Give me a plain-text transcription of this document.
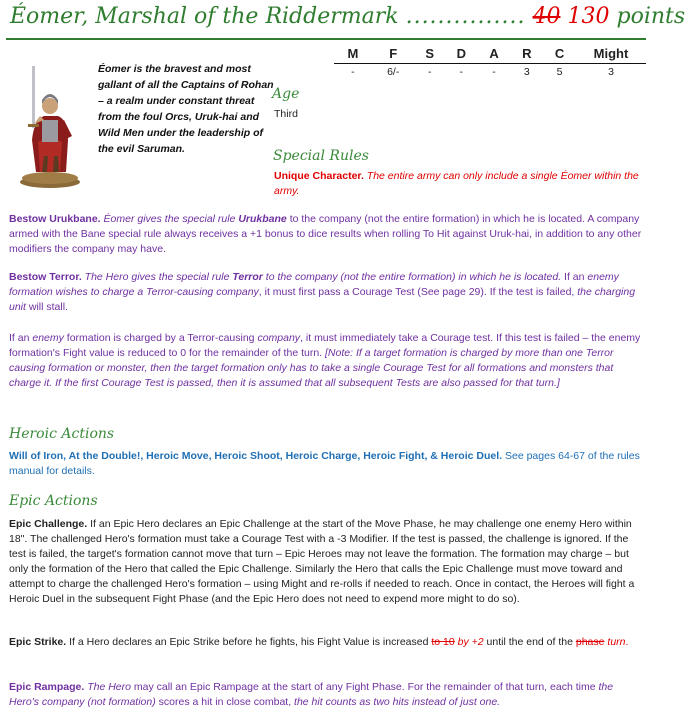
Éomer, Marshal of the Riddermark ............... 40 130 points
Éomer is the bravest and most gallant of all the Captains of Rohan – a realm under constant threat from the foul Orcs, Uruk-hai and Wild Men under the leadership of the evil Saruman.
M	F	S	D	A	R	C	Might
-	6/-	-	-	-	3	5	3
Age
Third
Special Rules
Unique Character. The entire army can only include a single Éomer within the army.
Bestow Urukbane. Éomer gives the special rule Urukbane to the company (not the entire formation) in which he is located. A company armed with the Bane special rule always receives a +1 bonus to dice results when rolling To Hit against Uruk-hai, in addition to any other modifiers the company may have.
Bestow Terror. The Hero gives the special rule Terror to the company (not the entire formation) in which he is located. If an enemy formation wishes to charge a Terror-causing company, it must first pass a Courage Test (See page 29). If the test is failed, the charging unit will stall.
If an enemy formation is charged by a Terror-causing company, it must immediately take a Courage test. If this test is failed – the enemy formation's Fight value is reduced to 0 for the remainder of the turn. [Note: If a target formation is charged by more than one Terror causing formation or monster, then the target formation only has to take a single Courage Test for all formations and monsters that charge it. If the first Courage Test is passed, then it is assumed that all subsequent Tests are also passed for that turn.]
Heroic Actions
Will of Iron, At the Double!, Heroic Move, Heroic Shoot, Heroic Charge, Heroic Fight, & Heroic Duel. See pages 64-67 of the rules manual for details.
Epic Actions
Epic Challenge. If an Epic Hero declares an Epic Challenge at the start of the Move Phase, he may challenge one enemy Hero within 18". The challenged Hero's formation must take a Courage Test with a -3 Modifier. If the test is passed, the challenge is ignored. If the test is failed, the target's formation cannot move that turn – Epic Heroes may not leave the formation. The formation may charge – but only the formation of the Hero that called the Epic Challenge. Similarly the Hero that calls the Epic Challenge must move toward and attempt to charge the challenged Hero's formation – using Might and re-rolls if needed to reach. Once in contact, the Heroes will fight a Heroic Duel in the subsequent Fight Phase (and the Epic Hero does not need to expend more might to do so).
Epic Strike. If a Hero declares an Epic Strike before he fights, his Fight Value is increased to 10 by +2 until the end of the phase turn.
Epic Rampage. The Hero may call an Epic Rampage at the start of any Fight Phase. For the remainder of that turn, each time the Hero's company (not formation) scores a hit in close combat, the hit counts as two hits instead of just one.
